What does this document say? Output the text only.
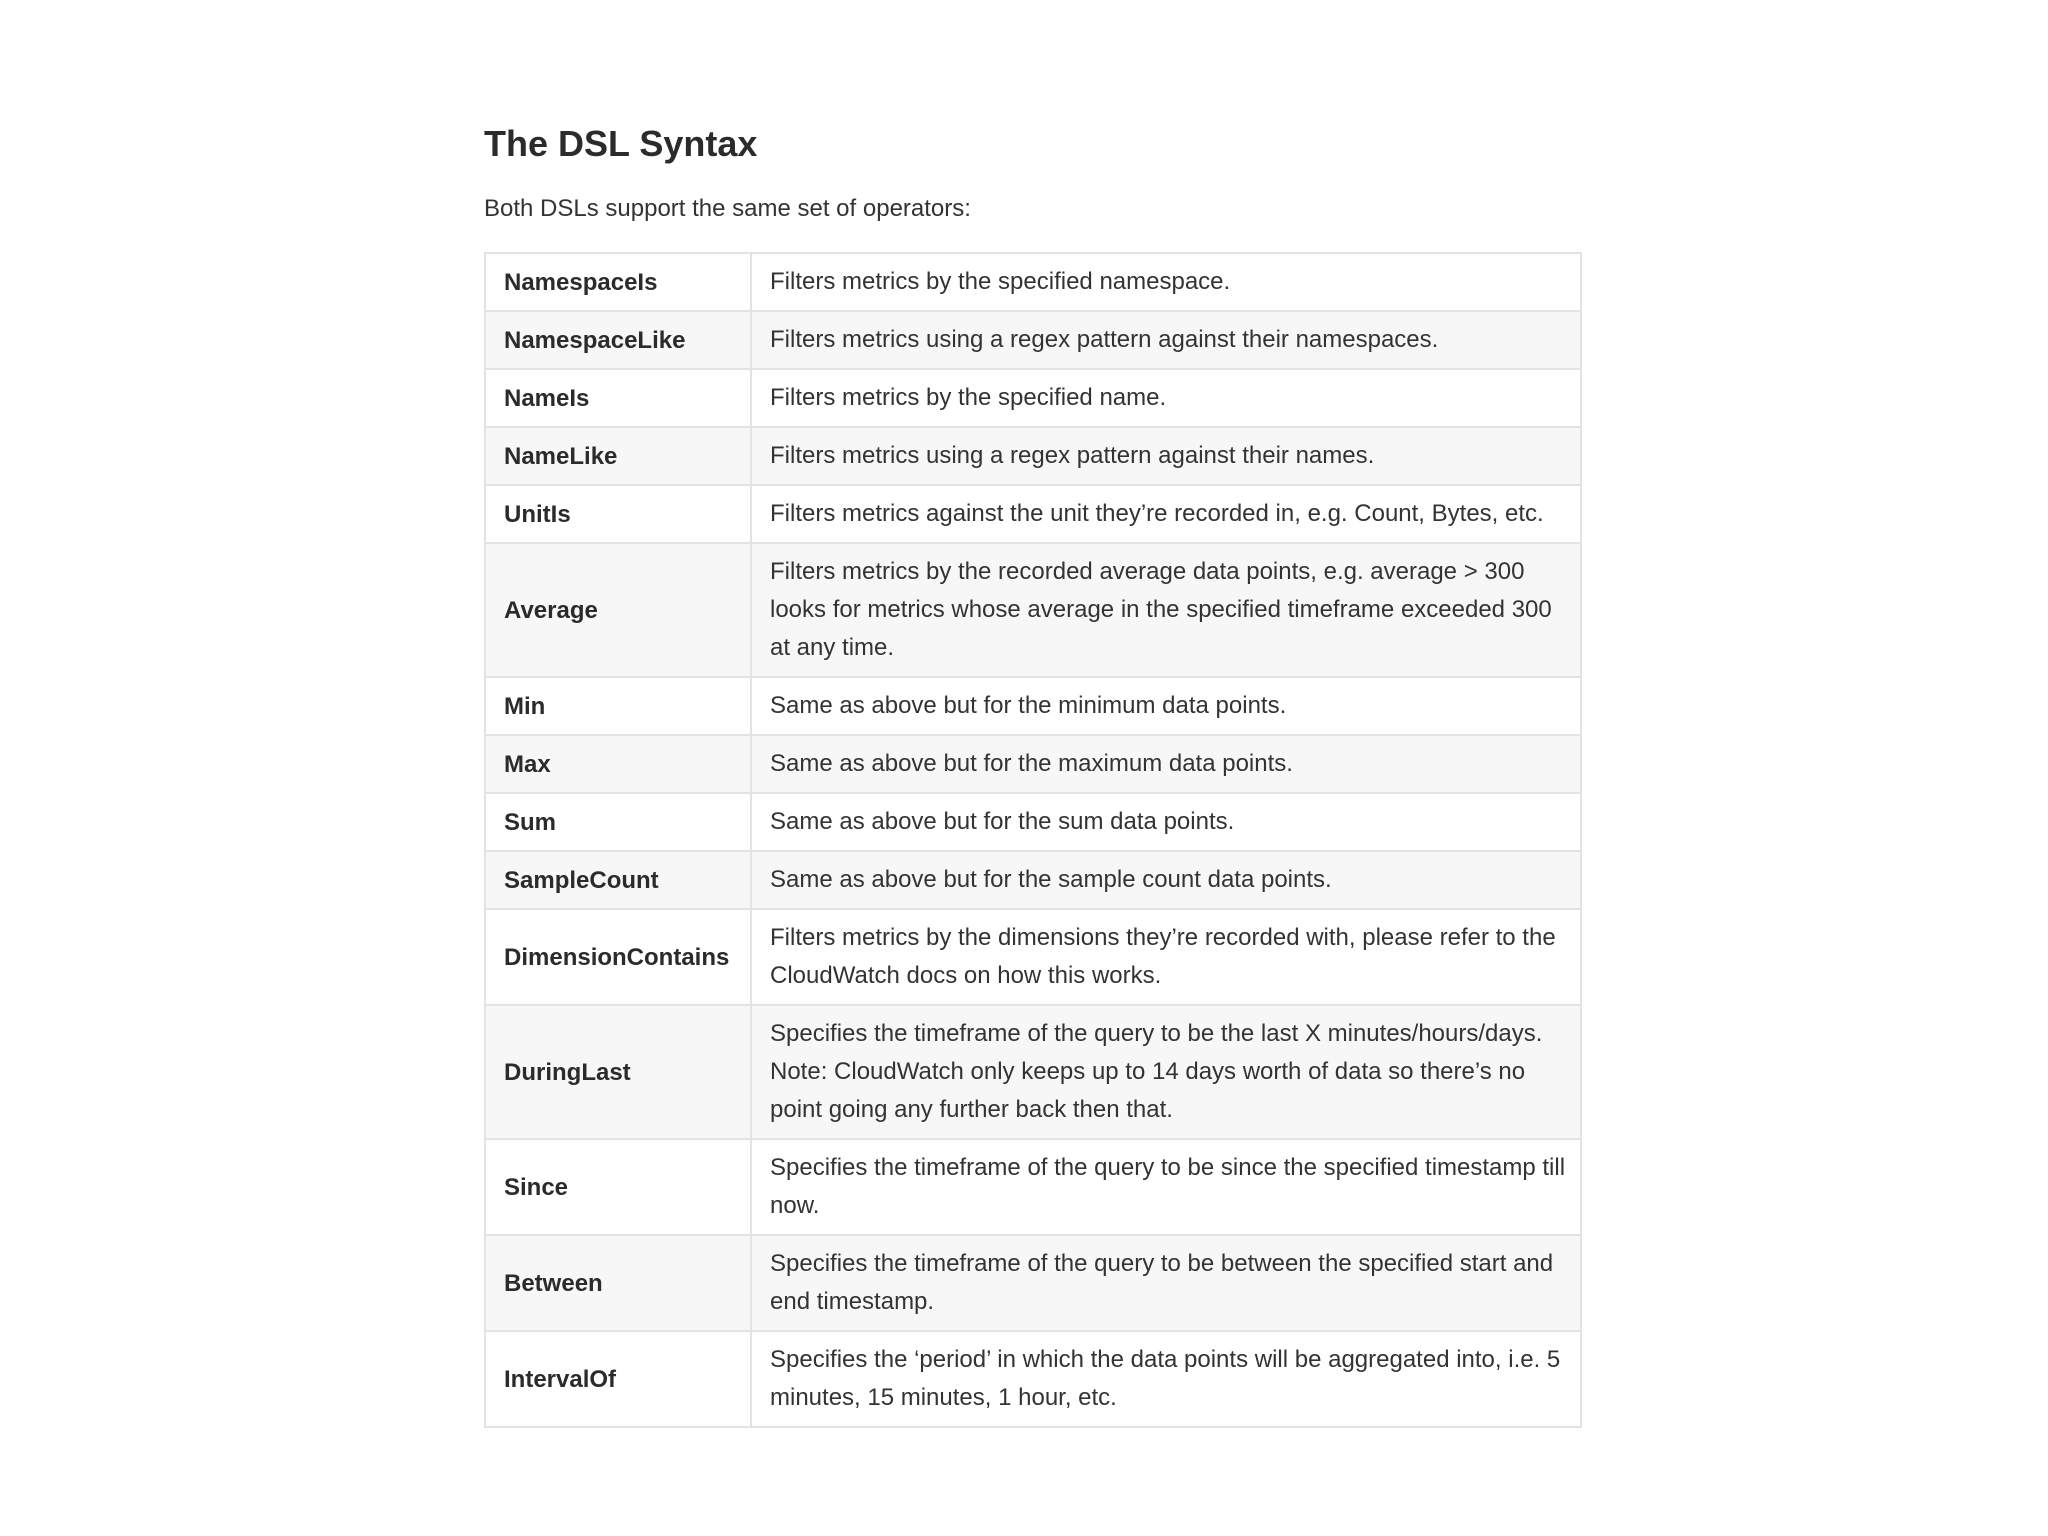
The DSL Syntax

Both DSLs support the same set of operators:

NamespaceIs	Filters metrics by the specified namespace.
NamespaceLike	Filters metrics using a regex pattern against their namespaces.
NameIs	Filters metrics by the specified name.
NameLike	Filters metrics using a regex pattern against their names.
UnitIs	Filters metrics against the unit they’re recorded in, e.g. Count, Bytes, etc.
Average	Filters metrics by the recorded average data points, e.g. average > 300 looks for metrics whose average in the specified timeframe exceeded 300 at any time.
Min	Same as above but for the minimum data points.
Max	Same as above but for the maximum data points.
Sum	Same as above but for the sum data points.
SampleCount	Same as above but for the sample count data points.
DimensionContains	Filters metrics by the dimensions they’re recorded with, please refer to the CloudWatch docs on how this works.
DuringLast	Specifies the timeframe of the query to be the last X minutes/hours/days. Note: CloudWatch only keeps up to 14 days worth of data so there’s no point going any further back then that.
Since	Specifies the timeframe of the query to be since the specified timestamp till now.
Between	Specifies the timeframe of the query to be between the specified start and end timestamp.
IntervalOf	Specifies the ‘period’ in which the data points will be aggregated into, i.e. 5 minutes, 15 minutes, 1 hour, etc.
